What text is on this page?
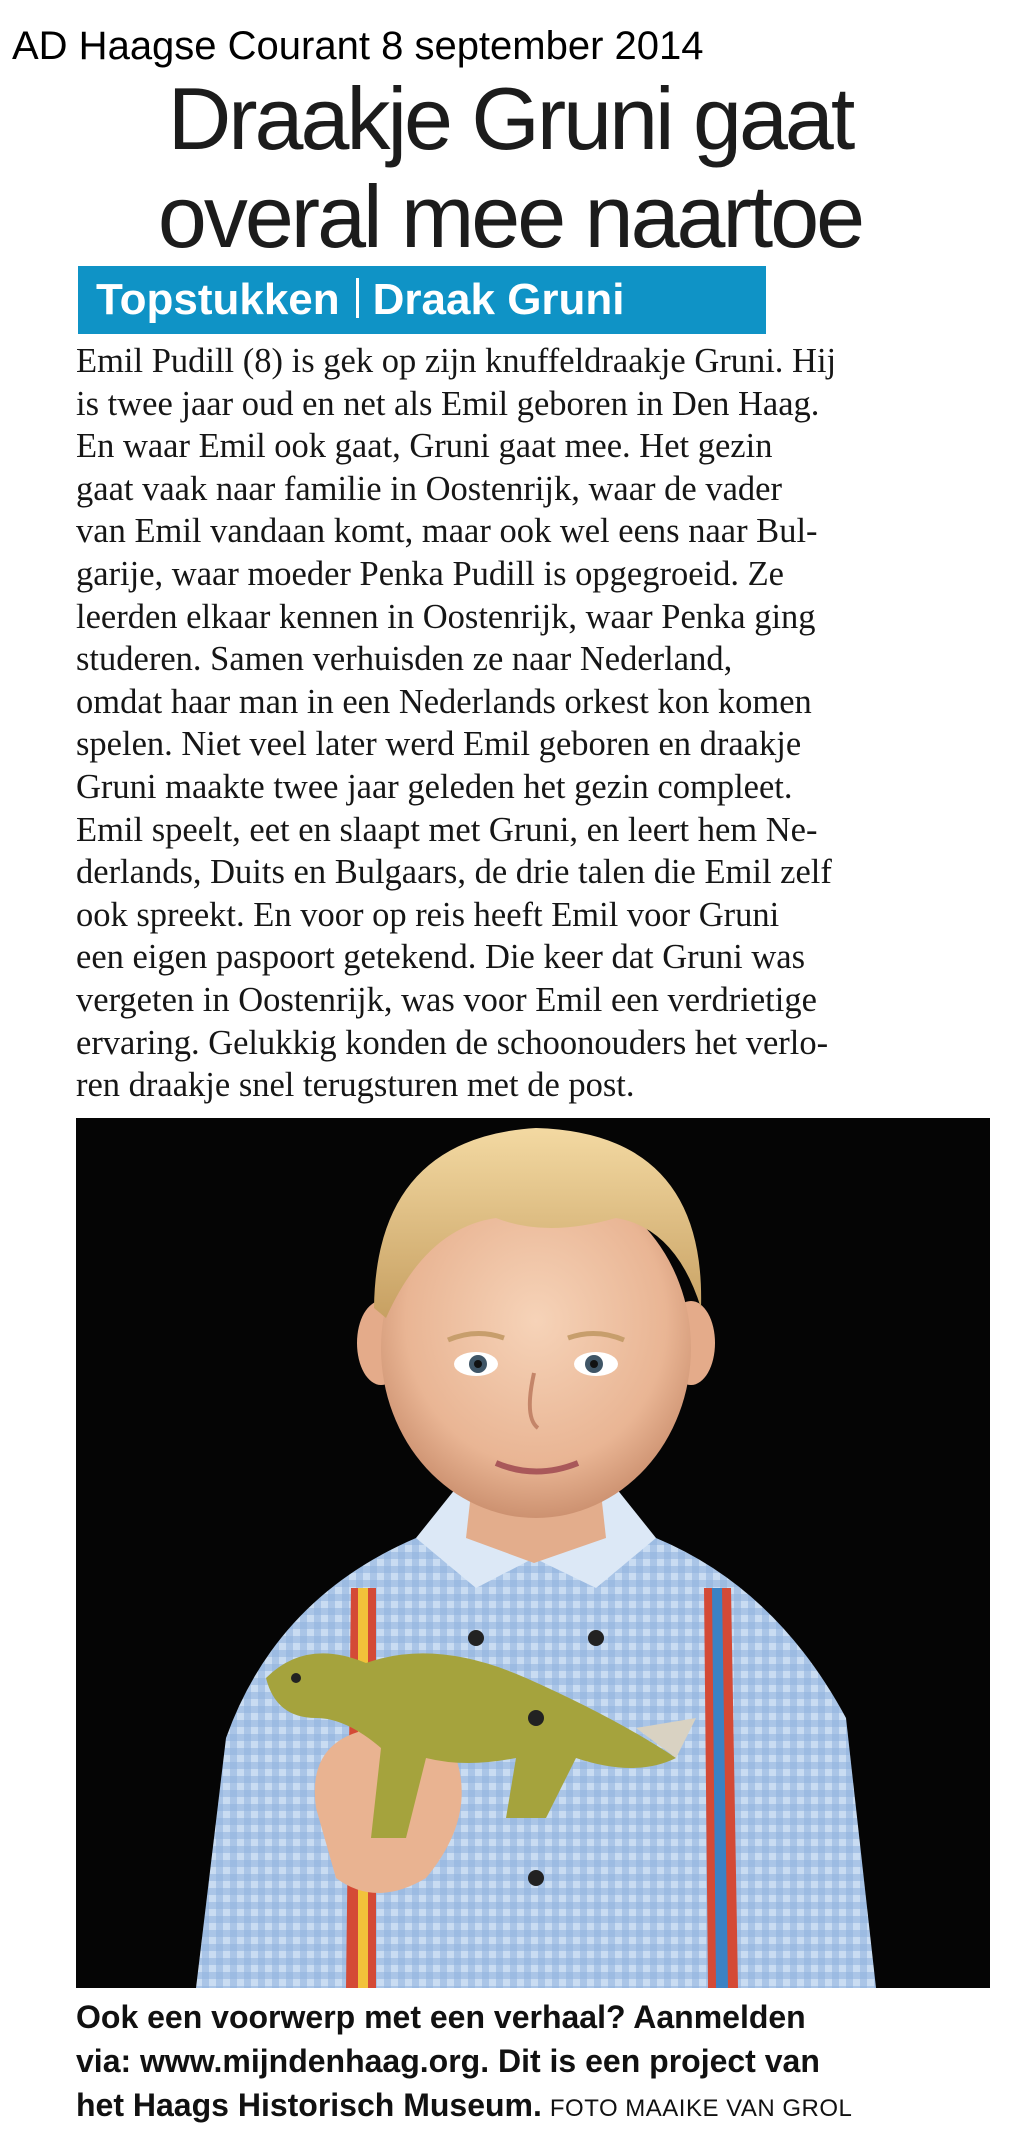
AD Haagse Courant 8 september 2014
Draakje Gruni gaat
overal mee naartoe
Topstukken Draak Gruni
Emil Pudill (8) is gek op zijn knuffeldraakje Gruni. Hij
is twee jaar oud en net als Emil geboren in Den Haag.
En waar Emil ook gaat, Gruni gaat mee. Het gezin
gaat vaak naar familie in Oostenrijk, waar de vader
van Emil vandaan komt, maar ook wel eens naar Bul-
garije, waar moeder Penka Pudill is opgegroeid. Ze
leerden elkaar kennen in Oostenrijk, waar Penka ging
studeren. Samen verhuisden ze naar Nederland,
omdat haar man in een Nederlands orkest kon komen
spelen. Niet veel later werd Emil geboren en draakje
Gruni maakte twee jaar geleden het gezin compleet.
Emil speelt, eet en slaapt met Gruni, en leert hem Ne-
derlands, Duits en Bulgaars, de drie talen die Emil zelf
ook spreekt. En voor op reis heeft Emil voor Gruni
een eigen paspoort getekend. Die keer dat Gruni was
vergeten in Oostenrijk, was voor Emil een verdrietige
ervaring. Gelukkig konden de schoonouders het verlo-
ren draakje snel terugsturen met de post.
Ook een voorwerp met een verhaal? Aanmelden
via: www.mijndenhaag.org. Dit is een project van
het Haags Historisch Museum. FOTO MAAIKE VAN GROL
